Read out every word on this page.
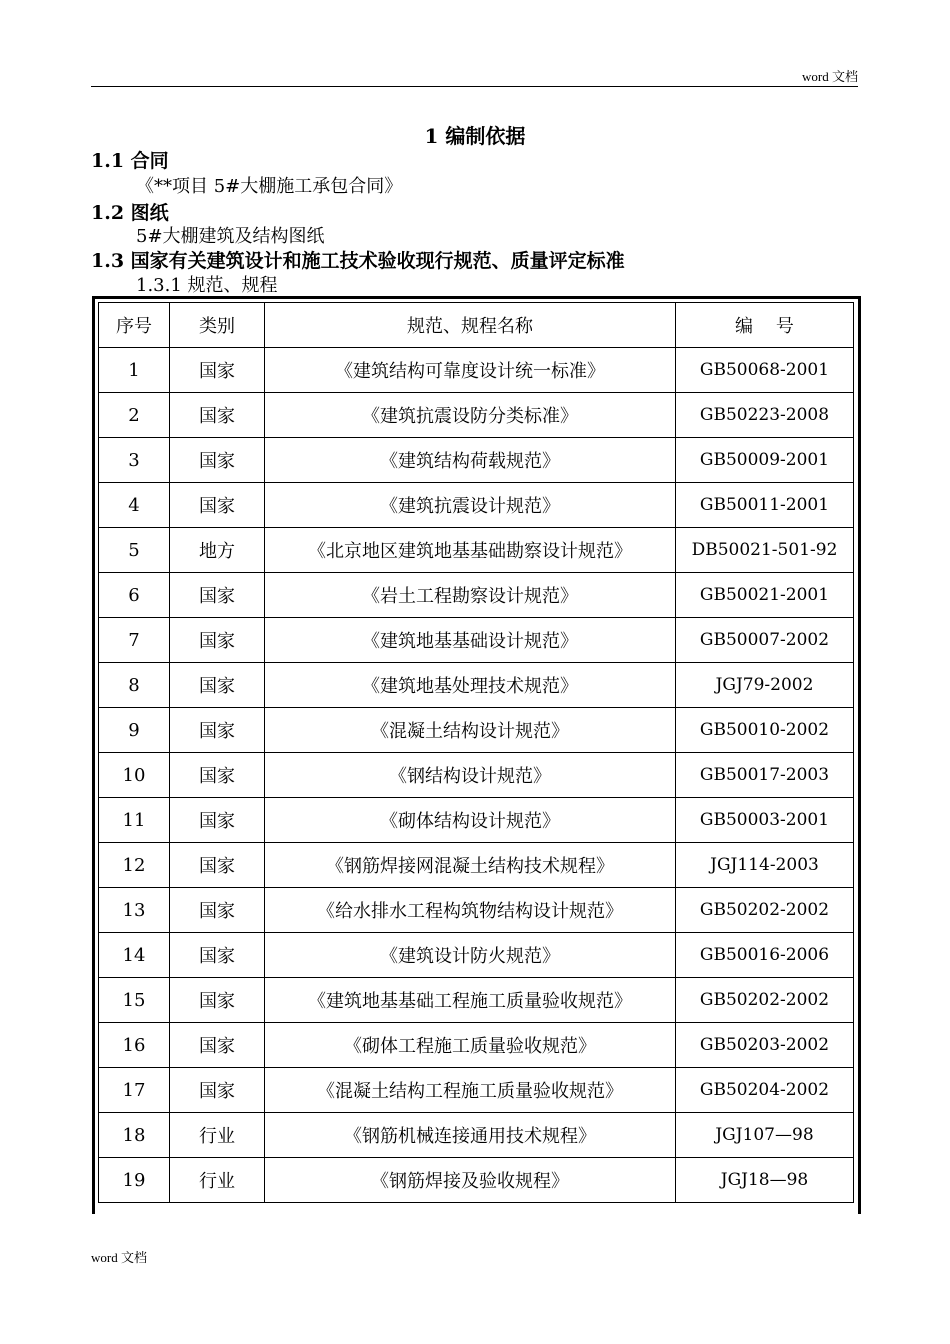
word 文档
1 编制依据
1.1 合同
《**项目 5#大棚施工承包合同》
1.2 图纸
5#大棚建筑及结构图纸
1.3 国家有关建筑设计和施工技术验收现行规范、质量评定标准
1.3.1 规范、规程
序号	类别	规范、规程名称	编    号
1	国家	《建筑结构可靠度设计统一标准》	GB50068-2001
2	国家	《建筑抗震设防分类标准》	GB50223-2008
3	国家	《建筑结构荷载规范》	GB50009-2001
4	国家	《建筑抗震设计规范》	GB50011-2001
5	地方	《北京地区建筑地基基础勘察设计规范》	DB50021-501-92
6	国家	《岩土工程勘察设计规范》	GB50021-2001
7	国家	《建筑地基基础设计规范》	GB50007-2002
8	国家	《建筑地基处理技术规范》	JGJ79-2002
9	国家	《混凝土结构设计规范》	GB50010-2002
10	国家	《钢结构设计规范》	GB50017-2003
11	国家	《砌体结构设计规范》	GB50003-2001
12	国家	《钢筋焊接网混凝土结构技术规程》	JGJ114-2003
13	国家	《给水排水工程构筑物结构设计规范》	GB50202-2002
14	国家	《建筑设计防火规范》	GB50016-2006
15	国家	《建筑地基基础工程施工质量验收规范》	GB50202-2002
16	国家	《砌体工程施工质量验收规范》	GB50203-2002
17	国家	《混凝土结构工程施工质量验收规范》	GB50204-2002
18	行业	《钢筋机械连接通用技术规程》	JGJ107—98
19	行业	《钢筋焊接及验收规程》	JGJ18—98
word 文档
